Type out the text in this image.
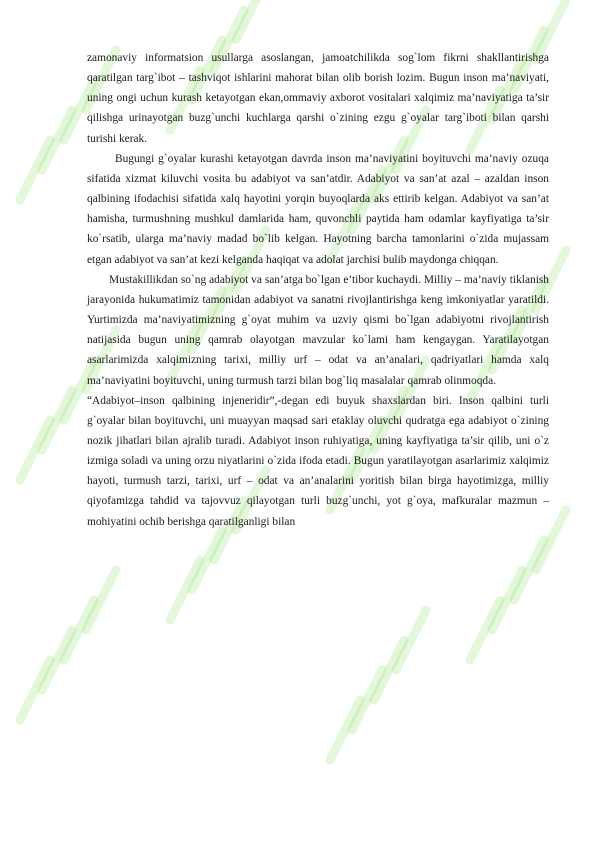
zamonaviy informatsion usullarga asoslangan, jamoatchilikda sog`lom fikrni shakllantirishga qaratilgan targ`ibot – tashviqot ishlarini mahorat bilan olib borish lozim. Bugun inson ma’naviyati, uning ongi uchun kurash ketayotgan ekan,ommaviy axborot vositalari xalqimiz ma’naviyatiga ta’sir qilishga urinayotgan buzg`unchi kuchlarga qarshi o`zining ezgu g`oyalar targ`iboti bilan qarshi turishi kerak.

Bugungi g`oyalar kurashi ketayotgan davrda inson ma’naviyatini boyituvchi ma’naviy ozuqa sifatida xizmat kiluvchi vosita bu adabiyot va san’atdir. Adabiyot va san’at azal – azaldan inson qalbining ifodachisi sifatida xalq hayotini yorqin buyoqlarda aks ettirib kelgan. Adabiyot va san’at hamisha, turmushning mushkul damlarida ham, quvonchli paytida ham odamlar kayfiyatiga ta’sir ko`rsatib, ularga ma’naviy madad bo`lib kelgan. Hayotning barcha tamonlarini o`zida mujassam etgan adabiyot va san’at kezi kelganda haqiqat va adolat jarchisi bulib maydonga chiqqan.

Mustakillikdan so`ng adabiyot va san’atga bo`lgan e’tibor kuchaydi. Milliy – ma’naviy tiklanish jarayonida hukumatimiz tamonidan adabiyot va sanatni rivojlantirishga keng imkoniyatlar yaratildi. Yurtimizda ma’naviyatimizning g`oyat muhim va uzviy qismi bo`lgan adabiyotni rivojlantirish natijasida bugun uning qamrab olayotgan mavzular ko`lami ham kengaygan. Yaratilayotgan asarlarimizda xalqimizning tarixi, milliy urf – odat va an’analari, qadriyatlari hamda xalq ma’naviyatini boyituvchi, uning turmush tarzi bilan bog`liq masalalar qamrab olinmoqda.

“Adabiyot–inson qalbining injeneridir”,-degan edi buyuk shaxslardan biri. Inson qalbini turli g`oyalar bilan boyituvchi, uni muayyan maqsad sari etaklay oluvchi qudratga ega adabiyot o`zining nozik jihatlari bilan ajralib turadi. Adabiyot inson ruhiyatiga, uning kayfiyatiga ta’sir qilib, uni o`z izmiga soladi va uning orzu niyatlarini o`zida ifoda etadi. Bugun yaratilayotgan asarlarimiz xalqimiz hayoti, turmush tarzi, tarixi, urf – odat va an’analarini yoritish bilan birga hayotimizga, milliy qiyofamizga tahdid va tajovvuz qilayotgan turli buzg`unchi, yot g`oya, mafkuralar mazmun – mohiyatini ochib berishga qaratilganligi bilan
